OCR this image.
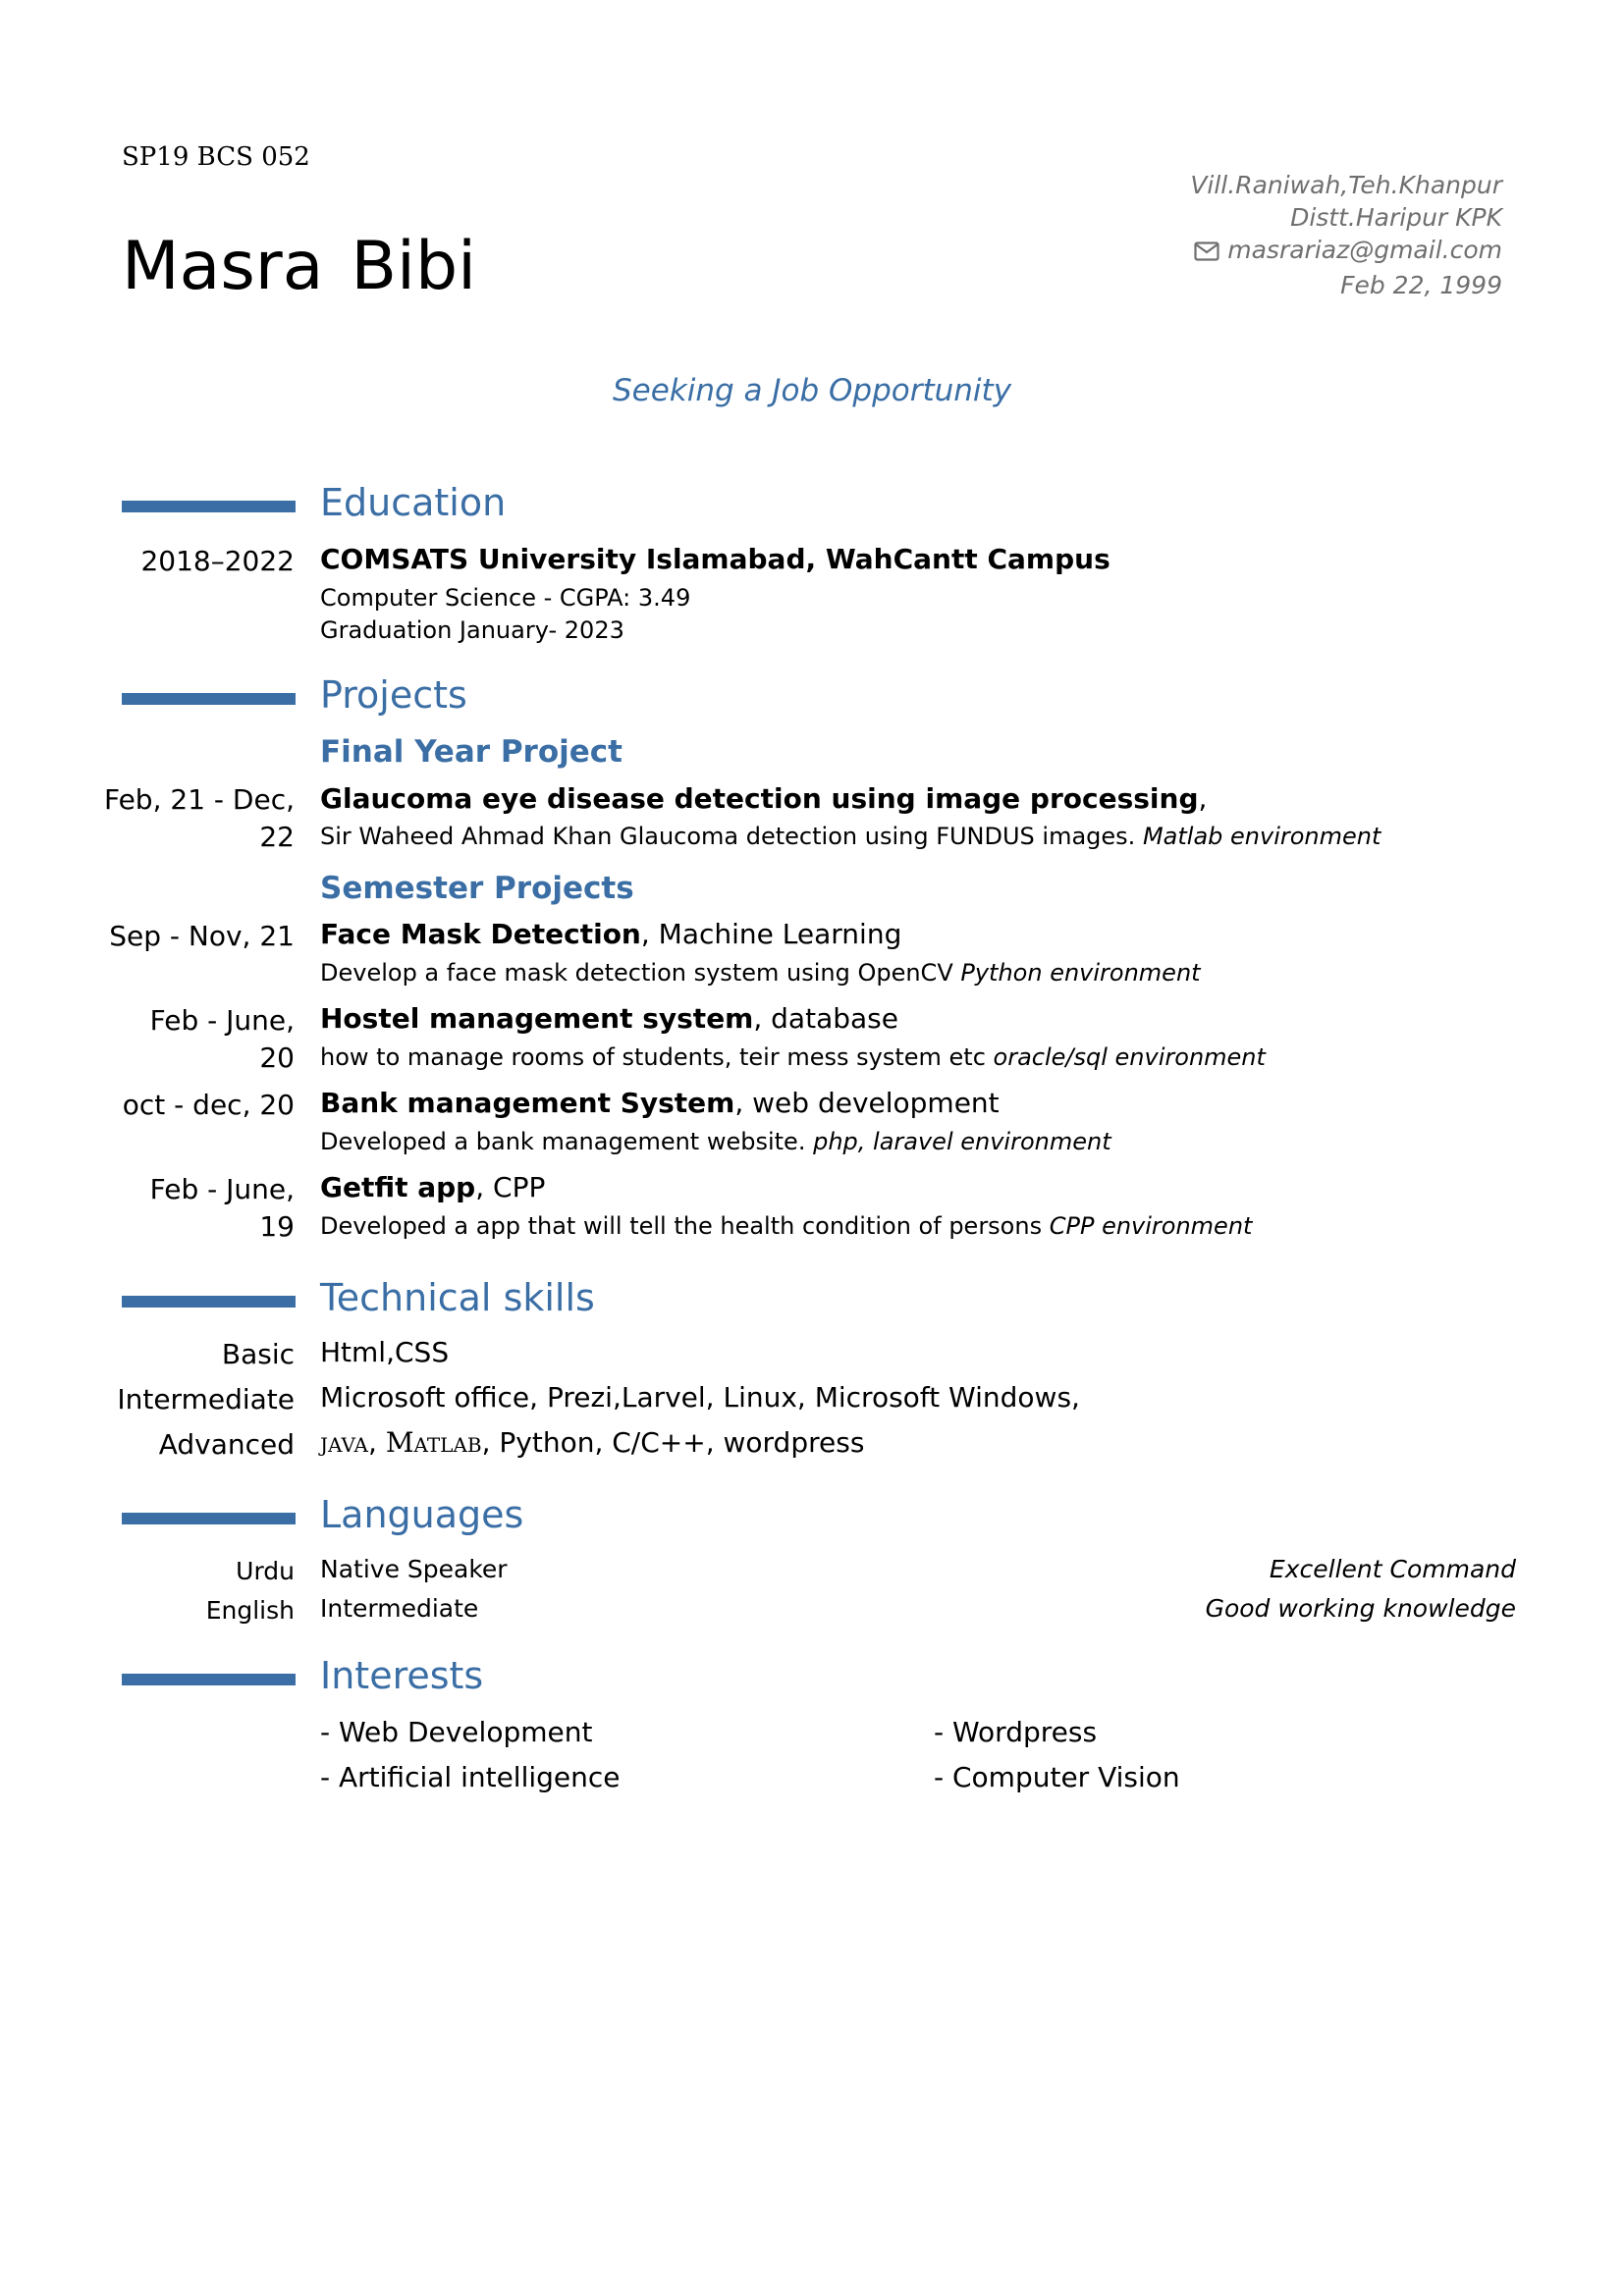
SP19 BCS 052
Masra Bibi
Vill.Raniwah,Teh.Khanpur
Distt.Haripur KPK
masrariaz@gmail.com
Feb 22, 1999
Seeking a Job Opportunity
Education
2018–2022 COMSATS University Islamabad, WahCantt Campus
Computer Science - CGPA: 3.49
Graduation January- 2023
Projects
Final Year Project
Feb, 21 - Dec,
22
Glaucoma eye disease detection using image processing,
Sir Waheed Ahmad Khan Glaucoma detection using FUNDUS images. Matlab environment
Semester Projects
Sep - Nov, 21 Face Mask Detection, Machine Learning
Develop a face mask detection system using OpenCV Python environment
Feb - June,
20
Hostel management system, database
how to manage rooms of students, teir mess system etc oracle/sql environment
oct - dec, 20 Bank management System, web development
Developed a bank management website. php, laravel environment
Feb - June,
19
Getfit app, CPP
Developed a app that will tell the health condition of persons CPP environment
Technical skills
Basic Html,CSS
Intermediate Microsoft office, Prezi,Larvel, Linux, Microsoft Windows,
Advanced java, Matlab, Python, C/C++, wordpress
Languages
Urdu Native Speaker	Excellent Command
English Intermediate	Good working knowledge
Interests
- Web Development
- Artificial intelligence
- Wordpress
- Computer Vision
